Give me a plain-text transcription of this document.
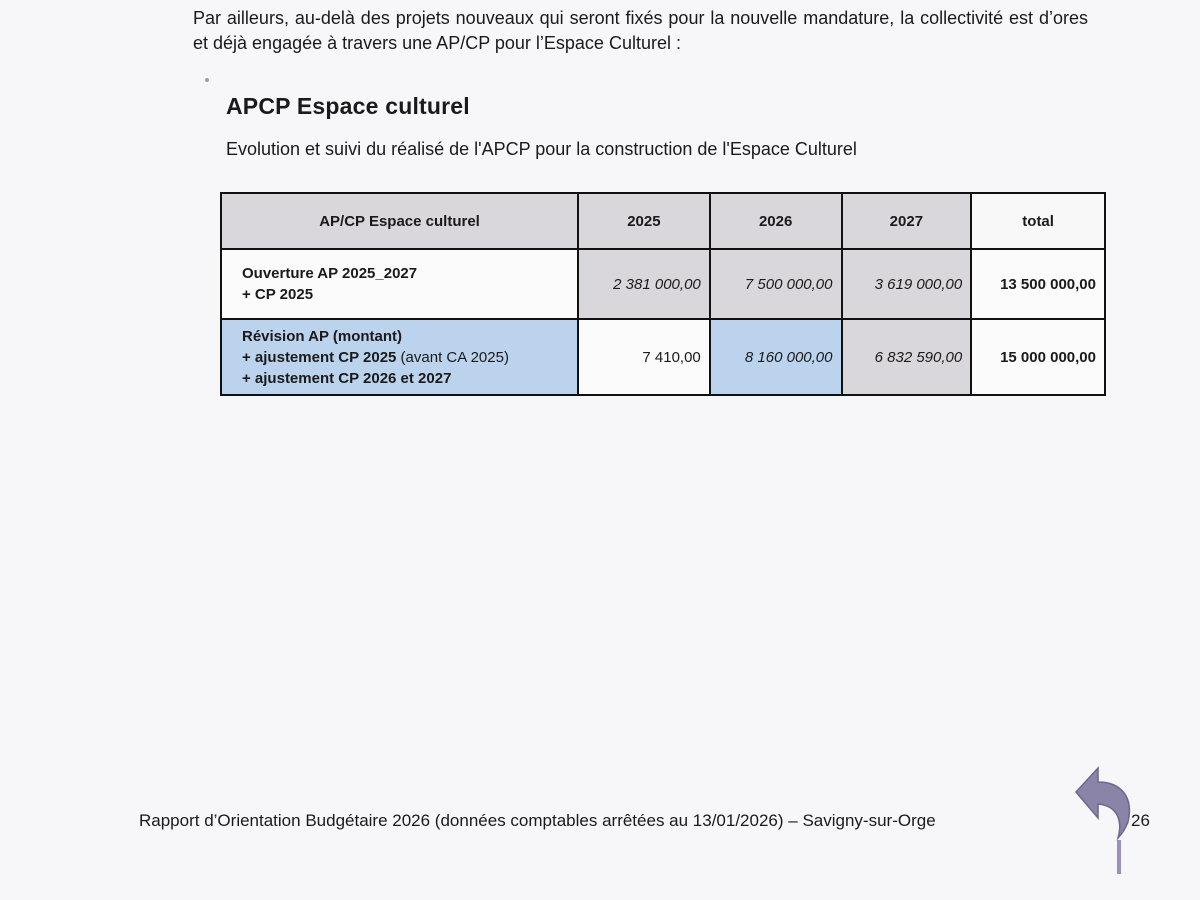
Par ailleurs, au-delà des projets nouveaux qui seront fixés pour la nouvelle mandature, la collectivité est d’ores et déjà engagée à travers une AP/CP pour l’Espace Culturel :

APCP Espace culturel
Evolution et suivi du réalisé de l'APCP pour la construction de l'Espace Culturel
AP/CP Espace culturel	2025	2026	2027	total

Ouverture AP 2025_2027
+ CP 2025	2 381 000,00	7 500 000,00	3 619 000,00	13 500 000,00

Révision AP (montant)
+ ajustement CP 2025 (avant CA 2025)
+ ajustement CP 2026 et 2027	7 410,00	8 160 000,00	6 832 590,00	15 000 000,00
Rapport d’Orientation Budgétaire 2026 (données comptables arrêtées au 13/01/2026) – Savigny-sur-Orge	26
